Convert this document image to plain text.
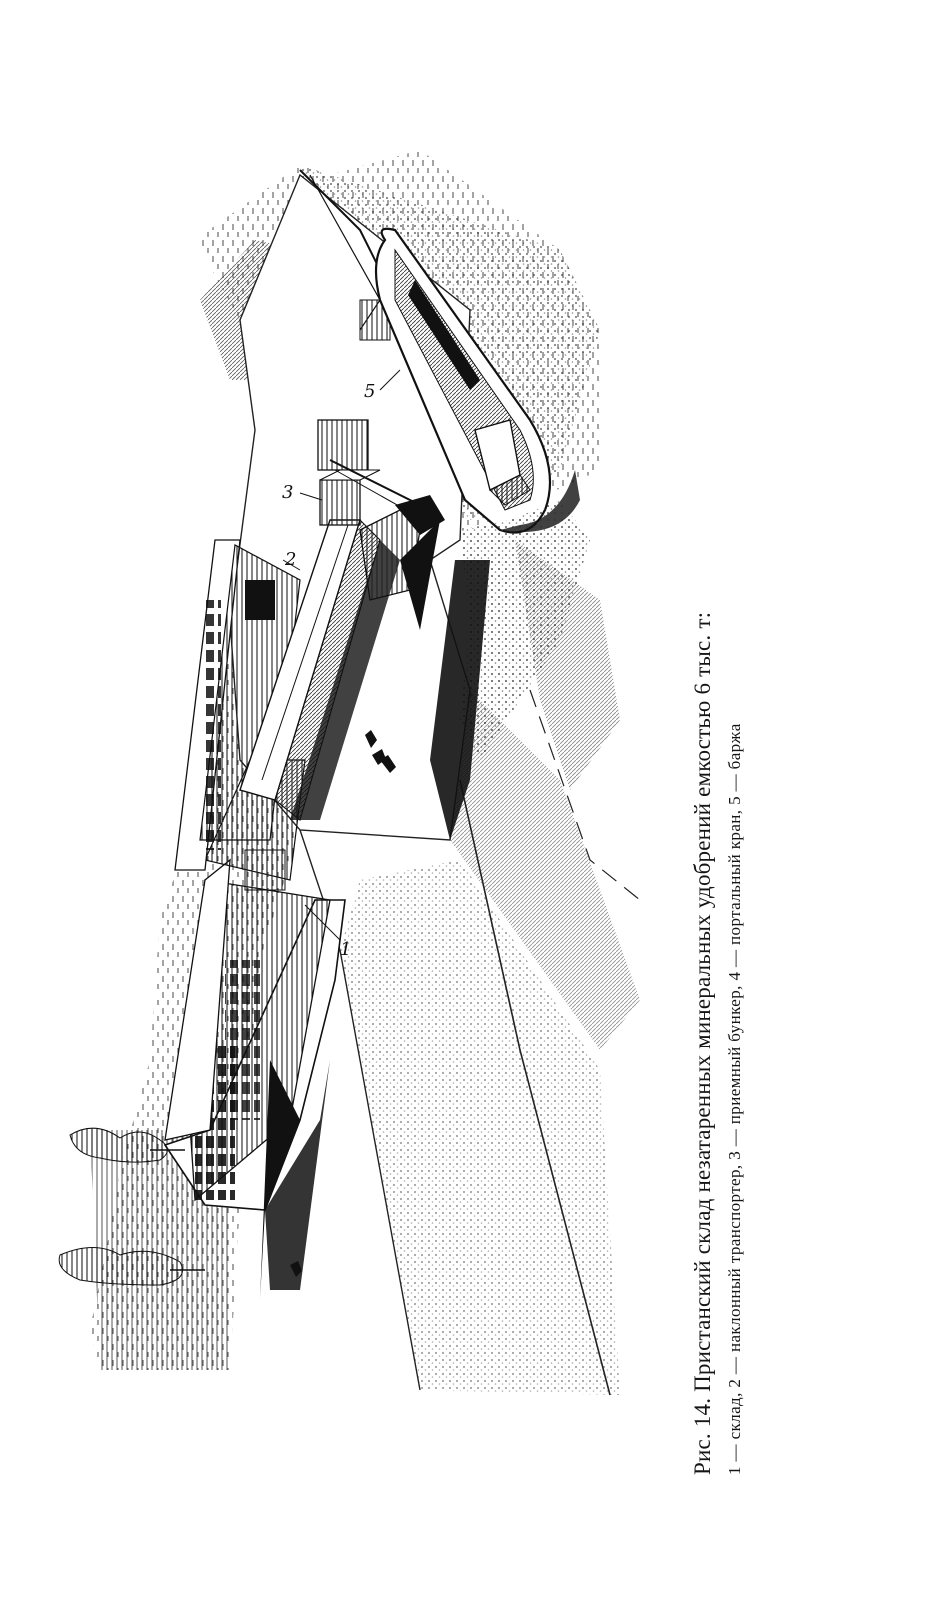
1
2
3
4
5
Рис. 14. Пристанский склад незатаренных минеральных удобрений емкостью 6 тыс. т: 1 — склад, 2 — наклонный транспортер, 3 — приемный бункер, 4 — портальный кран, 5 — баржа
